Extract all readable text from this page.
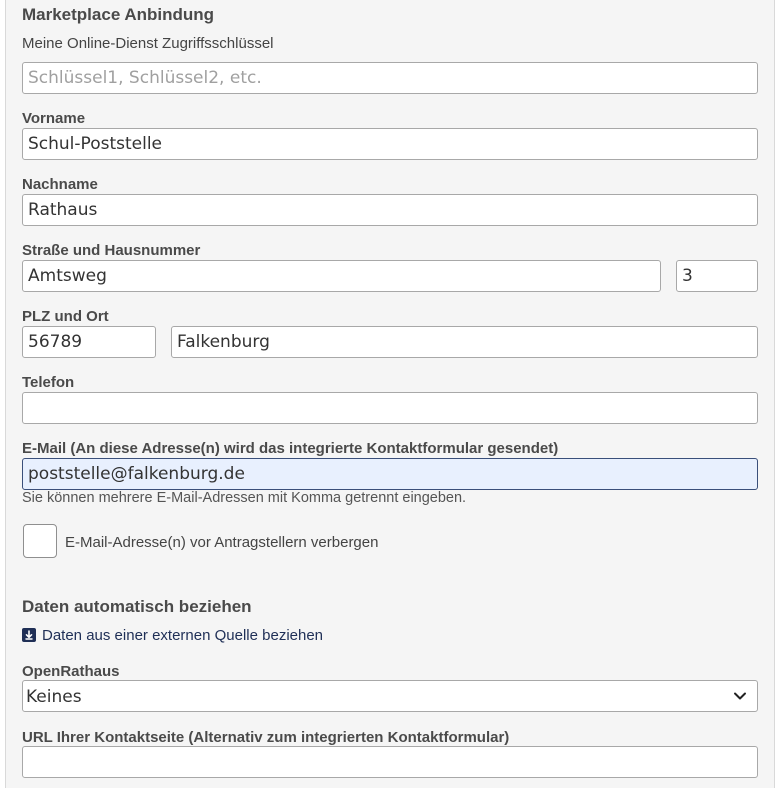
Marketplace Anbindung
Meine Online-Dienst Zugriffsschlüssel
Schlüssel1, Schlüssel2, etc.
Vorname
Schul-Poststelle
Nachname
Rathaus
Straße und Hausnummer
Amtsweg
3
PLZ und Ort
56789
Falkenburg
Telefon
E-Mail (An diese Adresse(n) wird das integrierte Kontaktformular gesendet)
poststelle@falkenburg.de
Sie können mehrere E-Mail-Adressen mit Komma getrennt eingeben.
E-Mail-Adresse(n) vor Antragstellern verbergen
Daten automatisch beziehen
Daten aus einer externen Quelle beziehen
OpenRathaus
Keines
URL Ihrer Kontaktseite (Alternativ zum integrierten Kontaktformular)
